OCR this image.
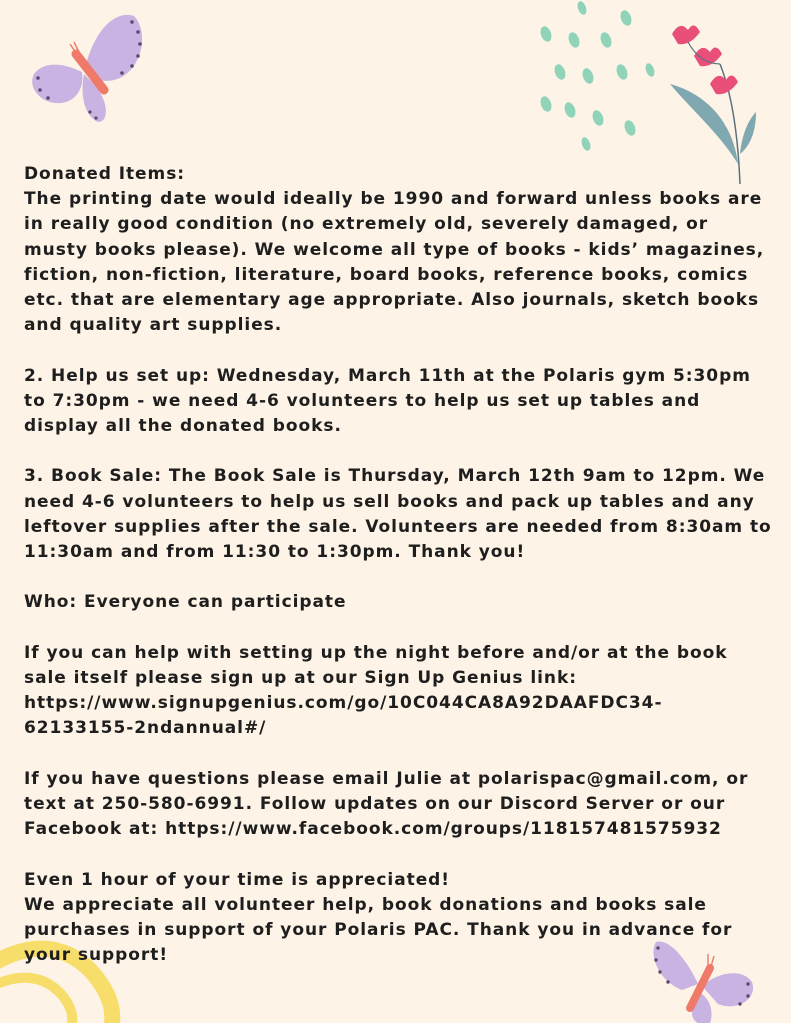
Donated Items:

The printing date would ideally be 1990 and forward unless books are in really good condition (no extremely old, severely damaged, or musty books please). We welcome all type of books - kids’ magazines, fiction, non-fiction, literature, board books, reference books, comics etc. that are elementary age appropriate. Also journals, sketch books and quality art supplies.

2. Help us set up: Wednesday, March 11th at the Polaris gym 5:30pm to 7:30pm - we need 4-6 volunteers to help us set up tables and display all the donated books.

3. Book Sale: The Book Sale is Thursday, March 12th 9am to 12pm. We need 4-6 volunteers to help us sell books and pack up tables and any leftover supplies after the sale. Volunteers are needed from 8:30am to 11:30am and from 11:30 to 1:30pm. Thank you!

Who: Everyone can participate

If you can help with setting up the night before and/or at the book sale itself please sign up at our Sign Up Genius link:

https://www.signupgenius.com/go/10C044CA8A92DAAFDC34-

62133155-2ndannual#/

If you have questions please email Julie at polarispac@gmail.com, or text at 250-580-6991. Follow updates on our Discord Server or our Facebook at: https://www.facebook.com/groups/118157481575932

Even 1 hour of your time is appreciated!

We appreciate all volunteer help, book donations and books sale purchases in support of your Polaris PAC. Thank you in advance for your support!
